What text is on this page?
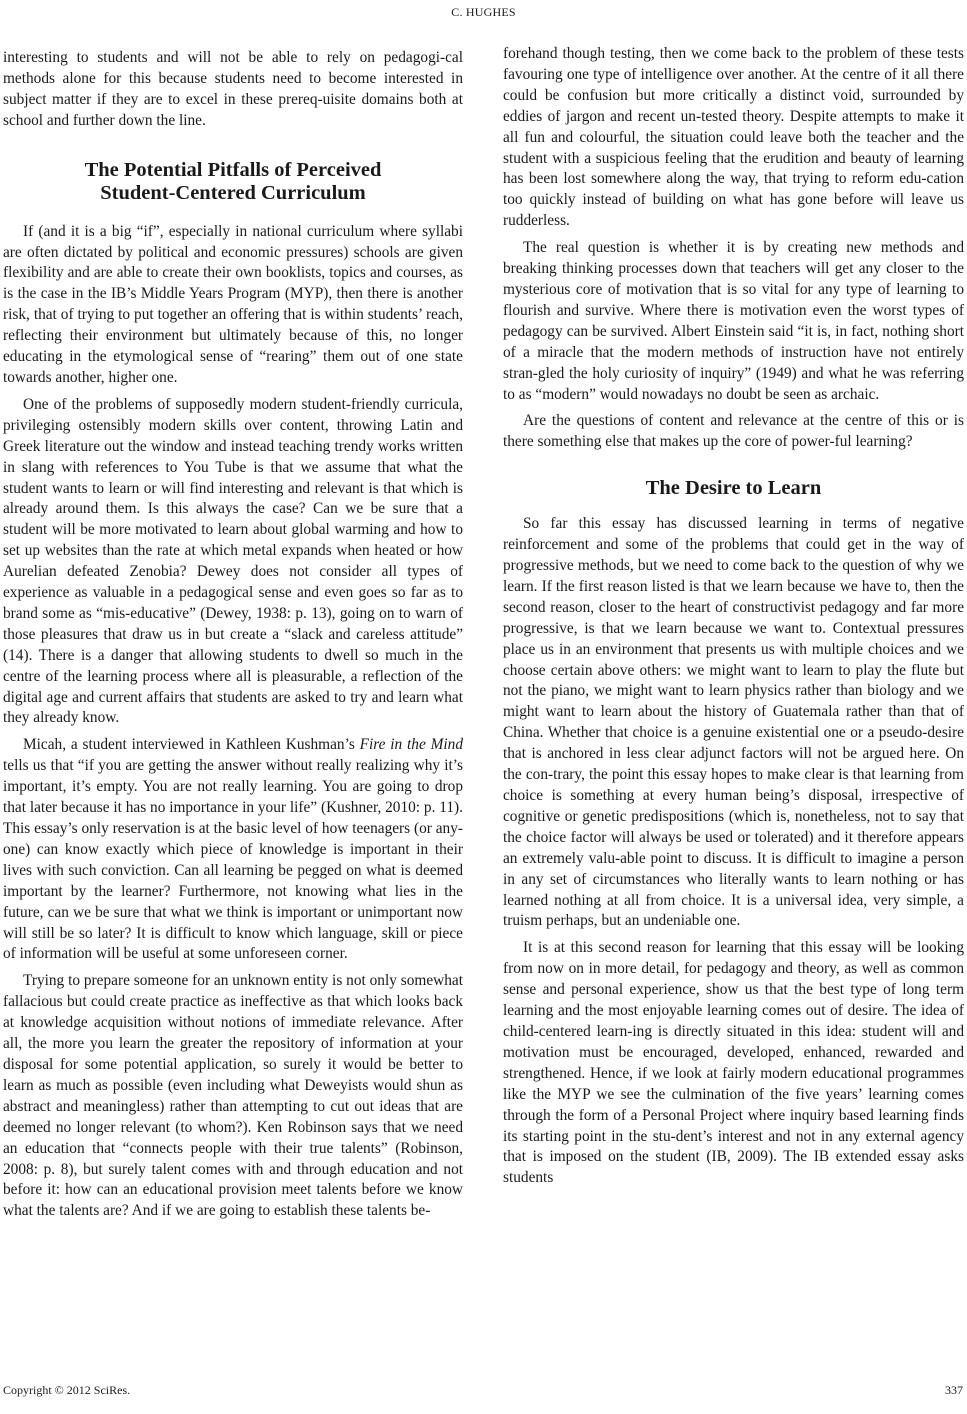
C. HUGHES

interesting to students and will not be able to rely on pedagogi-cal methods alone for this because students need to become interested in subject matter if they are to excel in these prereq-uisite domains both at school and further down the line.

The Potential Pitfalls of Perceived
Student-Centered Curriculum

If (and it is a big “if”, especially in national curriculum where syllabi are often dictated by political and economic pressures) schools are given flexibility and are able to create their own booklists, topics and courses, as is the case in the IB’s Middle Years Program (MYP), then there is another risk, that of trying to put together an offering that is within students’ reach, reflecting their environment but ultimately because of this, no longer educating in the etymological sense of “rearing” them out of one state towards another, higher one.

One of the problems of supposedly modern student-friendly curricula, privileging ostensibly modern skills over content, throwing Latin and Greek literature out the window and instead teaching trendy works written in slang with references to You Tube is that we assume that what the student wants to learn or will find interesting and relevant is that which is already around them. Is this always the case? Can we be sure that a student will be more motivated to learn about global warming and how to set up websites than the rate at which metal expands when heated or how Aurelian defeated Zenobia? Dewey does not consider all types of experience as valuable in a pedagogical sense and even goes so far as to brand some as “mis-educative” (Dewey, 1938: p. 13), going on to warn of those pleasures that draw us in but create a “slack and careless attitude” (14). There is a danger that allowing students to dwell so much in the centre of the learning process where all is pleasurable, a reflection of the digital age and current affairs that students are asked to try and learn what they already know.

Micah, a student interviewed in Kathleen Kushman’s Fire in the Mind tells us that “if you are getting the answer without really realizing why it’s important, it’s empty. You are not really learning. You are going to drop that later because it has no importance in your life” (Kushner, 2010: p. 11). This essay’s only reservation is at the basic level of how teenagers (or any-one) can know exactly which piece of knowledge is important in their lives with such conviction. Can all learning be pegged on what is deemed important by the learner? Furthermore, not knowing what lies in the future, can we be sure that what we think is important or unimportant now will still be so later? It is difficult to know which language, skill or piece of information will be useful at some unforeseen corner.

Trying to prepare someone for an unknown entity is not only somewhat fallacious but could create practice as ineffective as that which looks back at knowledge acquisition without notions of immediate relevance. After all, the more you learn the greater the repository of information at your disposal for some potential application, so surely it would be better to learn as much as possible (even including what Deweyists would shun as abstract and meaningless) rather than attempting to cut out ideas that are deemed no longer relevant (to whom?). Ken Robinson says that we need an education that “connects people with their true talents” (Robinson, 2008: p. 8), but surely talent comes with and through education and not before it: how can an educational provision meet talents before we know what the talents are? And if we are going to establish these talents be-

forehand though testing, then we come back to the problem of these tests favouring one type of intelligence over another. At the centre of it all there could be confusion but more critically a distinct void, surrounded by eddies of jargon and recent un-tested theory. Despite attempts to make it all fun and colourful, the situation could leave both the teacher and the student with a suspicious feeling that the erudition and beauty of learning has been lost somewhere along the way, that trying to reform edu-cation too quickly instead of building on what has gone before will leave us rudderless.

The real question is whether it is by creating new methods and breaking thinking processes down that teachers will get any closer to the mysterious core of motivation that is so vital for any type of learning to flourish and survive. Where there is motivation even the worst types of pedagogy can be survived. Albert Einstein said “it is, in fact, nothing short of a miracle that the modern methods of instruction have not entirely stran-gled the holy curiosity of inquiry” (1949) and what he was referring to as “modern” would nowadays no doubt be seen as archaic.

Are the questions of content and relevance at the centre of this or is there something else that makes up the core of power-ful learning?

The Desire to Learn

So far this essay has discussed learning in terms of negative reinforcement and some of the problems that could get in the way of progressive methods, but we need to come back to the question of why we learn. If the first reason listed is that we learn because we have to, then the second reason, closer to the heart of constructivist pedagogy and far more progressive, is that we learn because we want to. Contextual pressures place us in an environment that presents us with multiple choices and we choose certain above others: we might want to learn to play the flute but not the piano, we might want to learn physics rather than biology and we might want to learn about the history of Guatemala rather than that of China. Whether that choice is a genuine existential one or a pseudo-desire that is anchored in less clear adjunct factors will not be argued here. On the con-trary, the point this essay hopes to make clear is that learning from choice is something at every human being’s disposal, irrespective of cognitive or genetic predispositions (which is, nonetheless, not to say that the choice factor will always be used or tolerated) and it therefore appears an extremely valu-able point to discuss. It is difficult to imagine a person in any set of circumstances who literally wants to learn nothing or has learned nothing at all from choice. It is a universal idea, very simple, a truism perhaps, but an undeniable one.

It is at this second reason for learning that this essay will be looking from now on in more detail, for pedagogy and theory, as well as common sense and personal experience, show us that the best type of long term learning and the most enjoyable learning comes out of desire. The idea of child-centered learn-ing is directly situated in this idea: student will and motivation must be encouraged, developed, enhanced, rewarded and strengthened. Hence, if we look at fairly modern educational programmes like the MYP we see the culmination of the five years’ learning comes through the form of a Personal Project where inquiry based learning finds its starting point in the stu-dent’s interest and not in any external agency that is imposed on the student (IB, 2009). The IB extended essay asks students

Copyright © 2012 SciRes.	337
